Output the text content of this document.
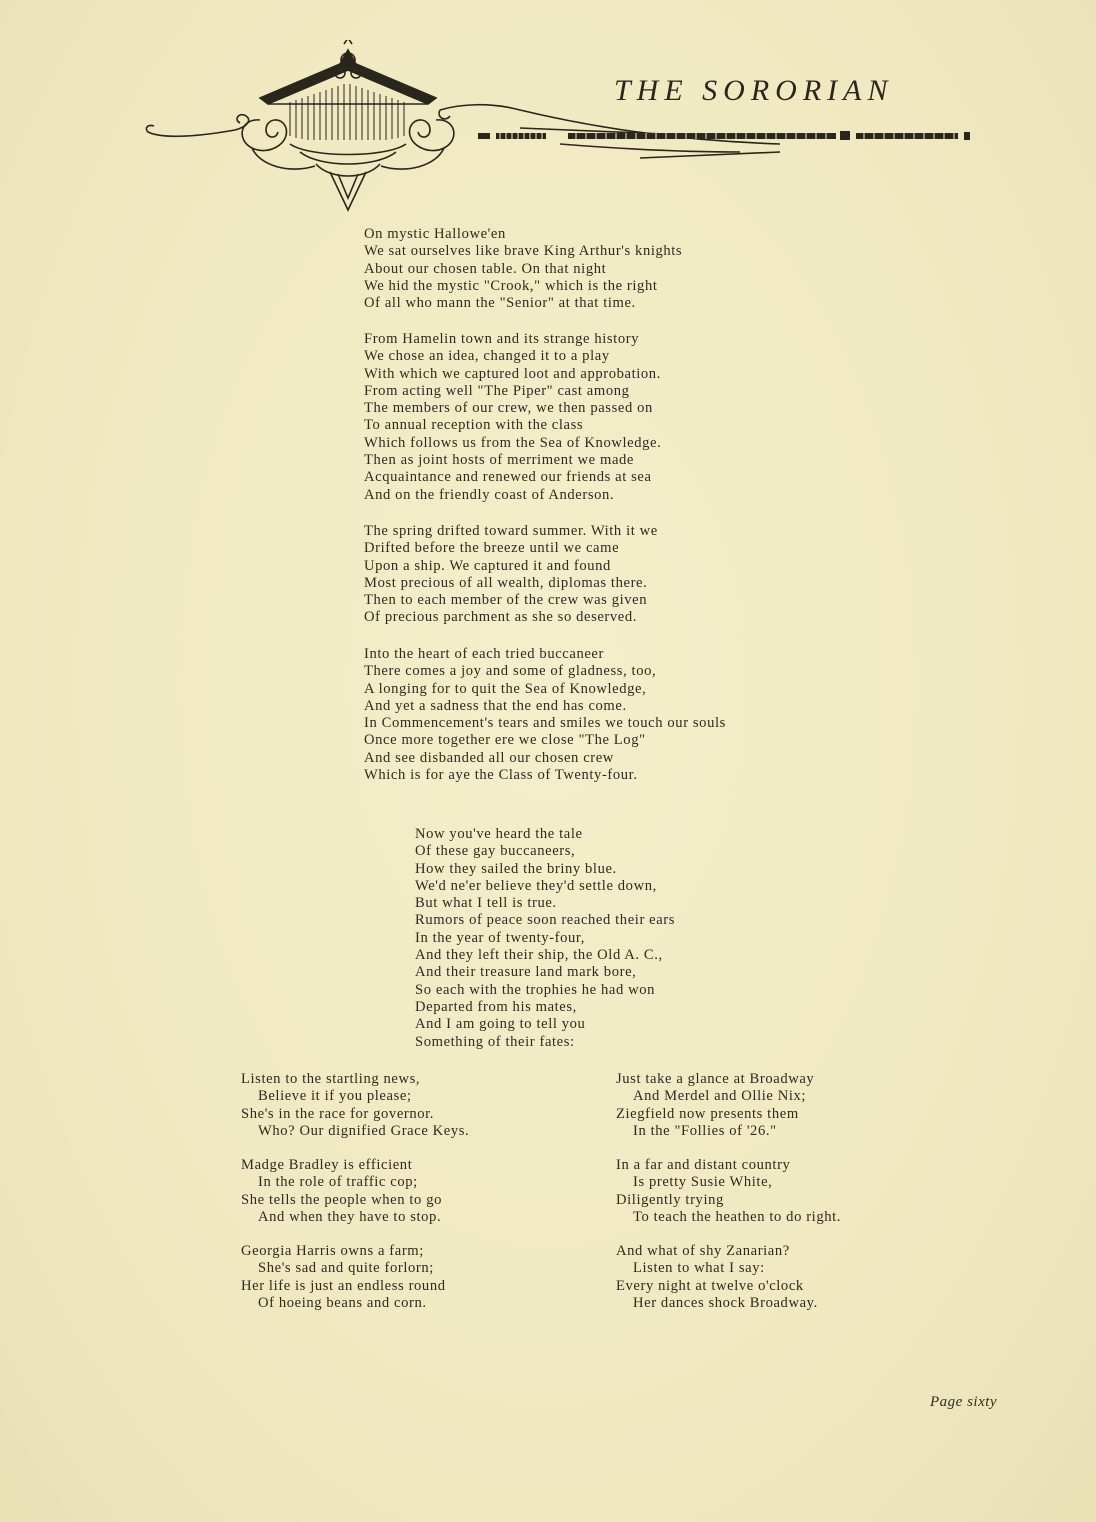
THE SORORIAN
On mystic Hallowe'en
We sat ourselves like brave King Arthur's knights
About our chosen table. On that night
We hid the mystic "Crook," which is the right
Of all who mann the "Senior" at that time.
From Hamelin town and its strange history
We chose an idea, changed it to a play
With which we captured loot and approbation.
From acting well "The Piper" cast among
The members of our crew, we then passed on
To annual reception with the class
Which follows us from the Sea of Knowledge.
Then as joint hosts of merriment we made
Acquaintance and renewed our friends at sea
And on the friendly coast of Anderson.
The spring drifted toward summer. With it we
Drifted before the breeze until we came
Upon a ship. We captured it and found
Most precious of all wealth, diplomas there.
Then to each member of the crew was given
Of precious parchment as she so deserved.
Into the heart of each tried buccaneer
There comes a joy and some of gladness, too,
A longing for to quit the Sea of Knowledge,
And yet a sadness that the end has come.
In Commencement's tears and smiles we touch our souls
Once more together ere we close "The Log"
And see disbanded all our chosen crew
Which is for aye the Class of Twenty-four.
Now you've heard the tale
Of these gay buccaneers,
How they sailed the briny blue.
We'd ne'er believe they'd settle down,
But what I tell is true.
Rumors of peace soon reached their ears
In the year of twenty-four,
And they left their ship, the Old A. C.,
And their treasure land mark bore,
So each with the trophies he had won
Departed from his mates,
And I am going to tell you
Something of their fates:
Listen to the startling news,
Believe it if you please;
She's in the race for governor.
Who? Our dignified Grace Keys.
Madge Bradley is efficient
In the role of traffic cop;
She tells the people when to go
And when they have to stop.
Georgia Harris owns a farm;
She's sad and quite forlorn;
Her life is just an endless round
Of hoeing beans and corn.
Just take a glance at Broadway
And Merdel and Ollie Nix;
Ziegfield now presents them
In the "Follies of '26."
In a far and distant country
Is pretty Susie White,
Diligently trying
To teach the heathen to do right.
And what of shy Zanarian?
Listen to what I say:
Every night at twelve o'clock
Her dances shock Broadway.
Page sixty
